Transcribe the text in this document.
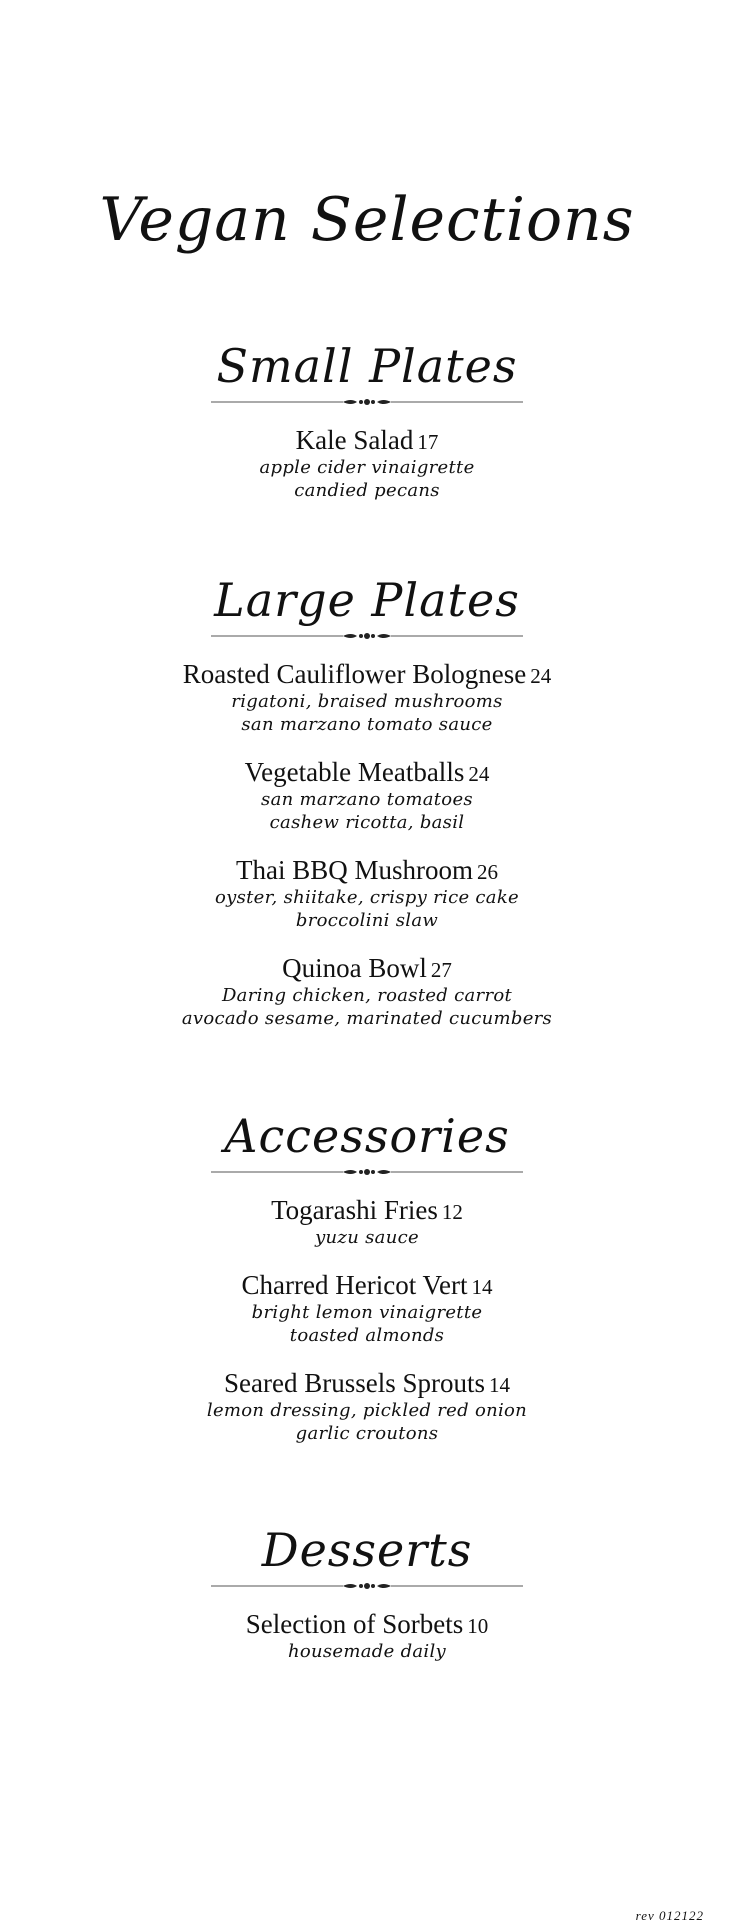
Vegan Selections
Small Plates

Kale Salad 17

apple cider vinaigrette

candied pecans

Large Plates

Roasted Cauliflower Bolognese 24

rigatoni, braised mushrooms

san marzano tomato sauce

Vegetable Meatballs 24

san marzano tomatoes

cashew ricotta, basil

Thai BBQ Mushroom 26

oyster, shiitake, crispy rice cake

broccolini slaw

Quinoa Bowl 27

Daring chicken, roasted carrot

avocado sesame, marinated cucumbers

Accessories

Togarashi Fries 12

yuzu sauce

Charred Hericot Vert 14

bright lemon vinaigrette

toasted almonds

Seared Brussels Sprouts 14

lemon dressing, pickled red onion

garlic croutons

Desserts

Selection of Sorbets 10

housemade daily

rev 012122
